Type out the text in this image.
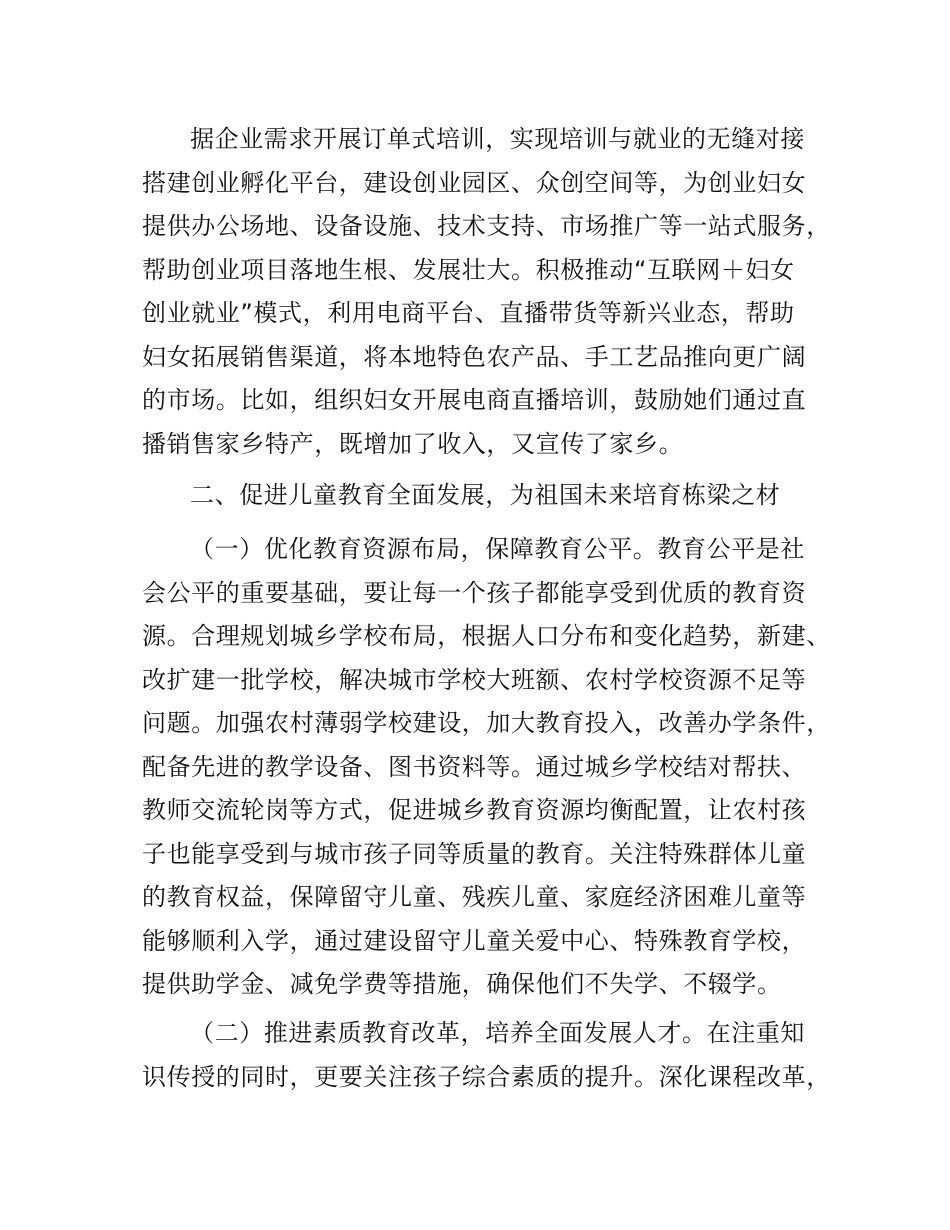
据企业需求开展订单式培训，实现培训与就业的无缝对接
搭建创业孵化平台，建设创业园区、众创空间等，为创业妇女
提供办公场地、设备设施、技术支持、市场推广等一站式服务，
帮助创业项目落地生根、发展壮大。积极推动“互联网＋妇女
创业就业”模式，利用电商平台、直播带货等新兴业态，帮助
妇女拓展销售渠道，将本地特色农产品、手工艺品推向更广阔
的市场。比如，组织妇女开展电商直播培训，鼓励她们通过直
播销售家乡特产，既增加了收入，又宣传了家乡。
二、促进儿童教育全面发展，为祖国未来培育栋梁之材
（一）优化教育资源布局，保障教育公平。教育公平是社
会公平的重要基础，要让每一个孩子都能享受到优质的教育资
源。合理规划城乡学校布局，根据人口分布和变化趋势，新建、
改扩建一批学校，解决城市学校大班额、农村学校资源不足等
问题。加强农村薄弱学校建设，加大教育投入，改善办学条件，
配备先进的教学设备、图书资料等。通过城乡学校结对帮扶、
教师交流轮岗等方式，促进城乡教育资源均衡配置，让农村孩
子也能享受到与城市孩子同等质量的教育。关注特殊群体儿童
的教育权益，保障留守儿童、残疾儿童、家庭经济困难儿童等
能够顺利入学，通过建设留守儿童关爱中心、特殊教育学校，
提供助学金、减免学费等措施，确保他们不失学、不辍学。
（二）推进素质教育改革，培养全面发展人才。在注重知
识传授的同时，更要关注孩子综合素质的提升。深化课程改革，
